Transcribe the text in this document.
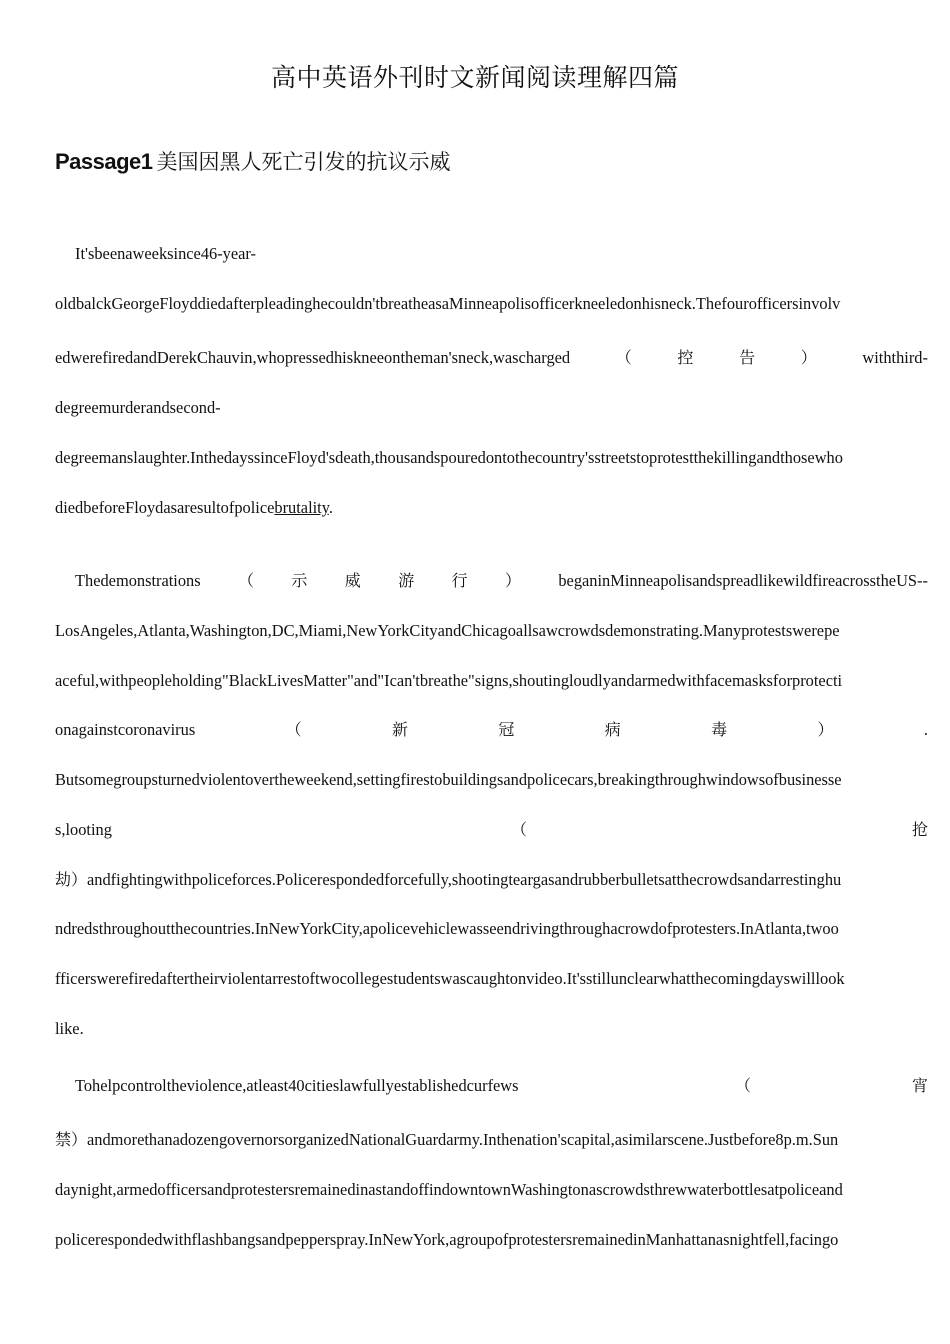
高中英语外刊时文新闻阅读理解四篇
Passage1 美国因黑人死亡引发的抗议示威
It'sbeenaweeksince46-year-
oldbalckGeorgeFloyddiedafterpleadinghecouldn'tbreatheasaMinneapolisofficerkneeledonhisneck.Thefourofficersinvolv
edwerefiredandDerekChauvin,whopressedhiskneeontheman'sneck,wascharged	（	控	告	）	withthird-
degreemurderandsecond-
degreemanslaughter.InthedayssinceFloyd'sdeath,thousandspouredontothecountry'sstreetstoprotestthekillingandthosewho
diedbeforeFloydasaresultofpolicebrutality.
Thedemonstrations （ 示 威 游 行 ） beganinMinneapolisandspreadlikewildfireacrosstheUS--
LosAngeles,Atlanta,Washington,DC,Miami,NewYorkCityandChicagoallsawcrowdsdemonstrating.Manyprotestswerepe
aceful,withpeopleholding"BlackLivesMatter"and"Ican'tbreathe"signs,shoutingloudlyandarmedwithfacemasksforprotecti
onagainstcoronavirus	（	新	冠	病	毒	）	.
Butsomegroupsturnedviolentovertheweekend,settingfirestobuildingsandpolicecars,breakingthroughwindowsofbusinesse
s,looting	（	抢
劫）andfightingwithpoliceforces.Policerespondedforcefully,shootingteargasandrubberbulletsatthecrowdsandarrestinghu
ndredsthroughoutthecountries.InNewYorkCity,apolicevehiclewasseendrivingthroughacrowdofprotesters.InAtlanta,twoo
fficerswerefiredaftertheirviolentarrestoftwocollegestudentswascaughtonvideo.It'sstillunclearwhatthecomingdayswilllook
like.
Tohelpcontroltheviolence,atleast40citieslawfullyestablishedcurfews	（	宵
禁）andmorethanadozengovernorsorganizedNationalGuardarmy.Inthenation'scapital,asimilarscene.Justbefore8p.m.Sun
daynight,armedofficersandprotestersremainedinastandoffindowntownWashingtonascrowdsthrewwaterbottlesatpoliceand
policerespondedwithflashbangsandpepperspray.InNewYork,agroupofprotestersremainedinManhattanasnightfell,facingo
